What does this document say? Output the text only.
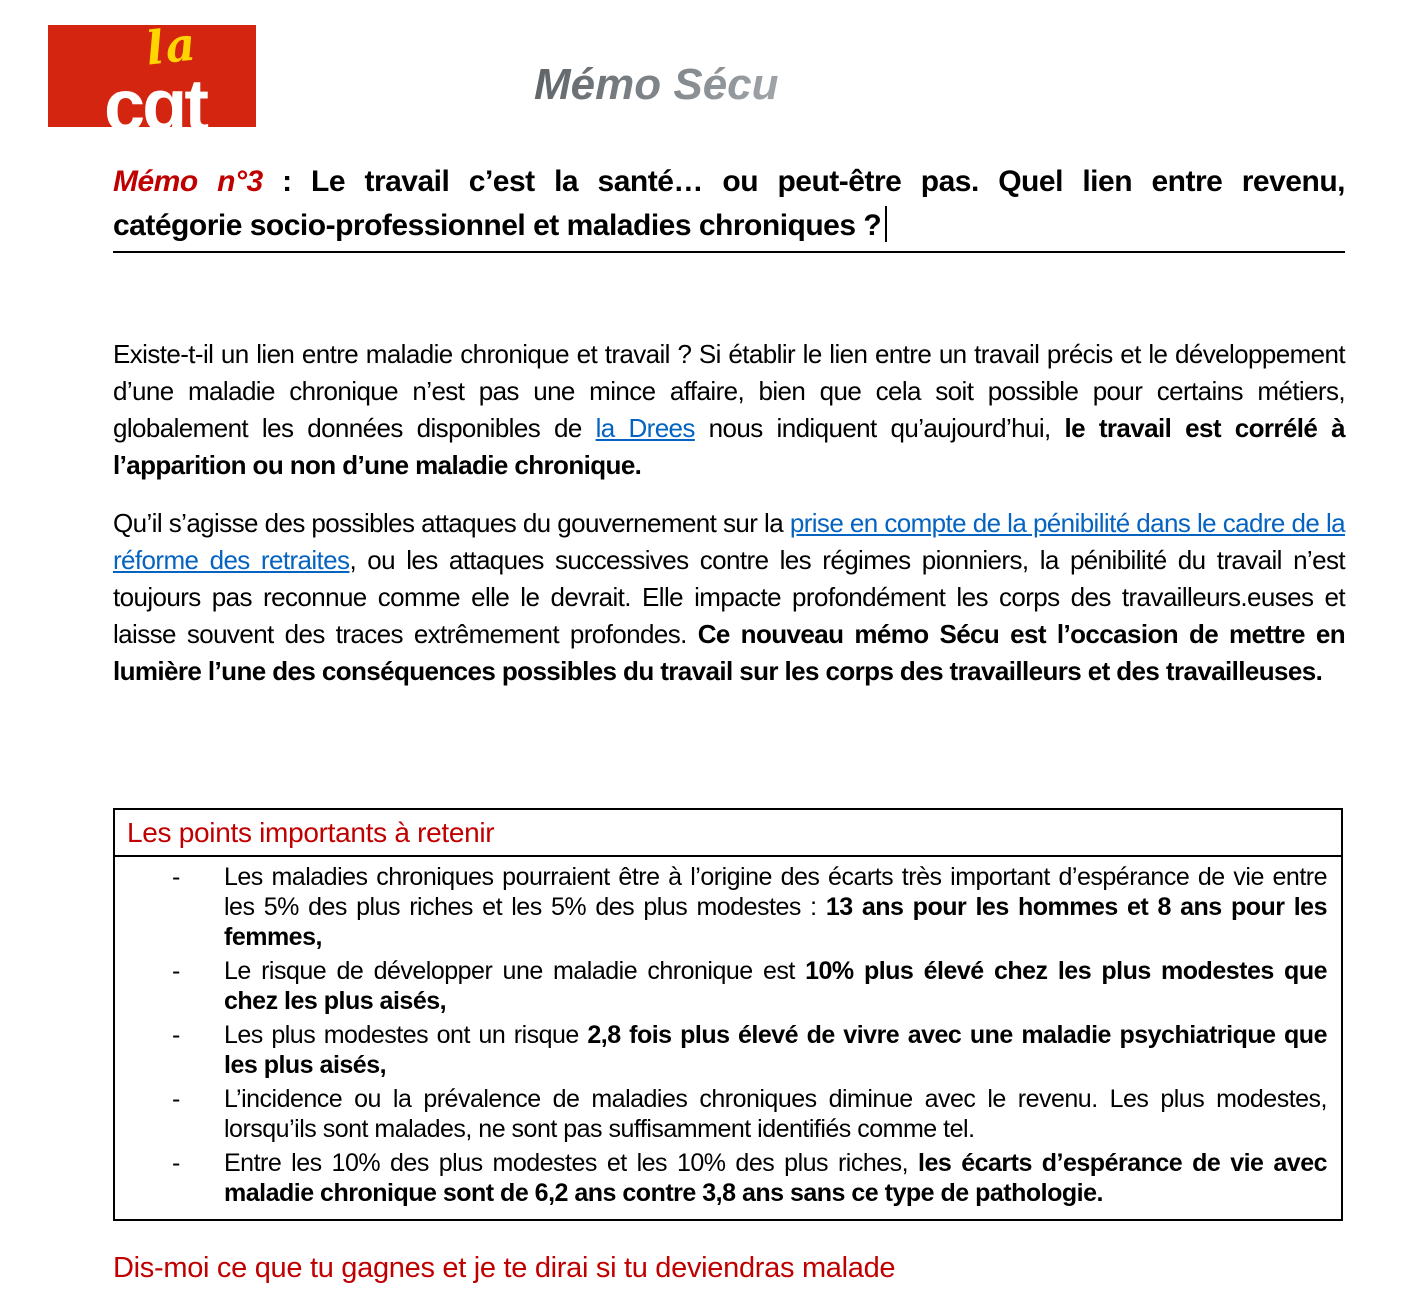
la
cgt	Mémo Sécu
Mémo n°3 : Le travail c’est la santé… ou peut-être pas. Quel lien entre revenu,
catégorie socio-professionnel et maladies chroniques ?

Existe-t-il un lien entre maladie chronique et travail ? Si établir le lien entre un travail précis et le développement d’une maladie chronique n’est pas une mince affaire, bien que cela soit possible pour certains métiers, globalement les données disponibles de la Drees nous indiquent qu’aujourd’hui, le travail est corrélé à l’apparition ou non d’une maladie chronique.

Qu’il s’agisse des possibles attaques du gouvernement sur la prise en compte de la pénibilité dans le cadre de la réforme des retraites, ou les attaques successives contre les régimes pionniers, la pénibilité du travail n’est toujours pas reconnue comme elle le devrait. Elle impacte profondément les corps des travailleurs.euses et laisse souvent des traces extrêmement profondes. Ce nouveau mémo Sécu est l’occasion de mettre en lumière l’une des conséquences possibles du travail sur les corps des travailleurs et des travailleuses.

Les points importants à retenir
- Les maladies chroniques pourraient être à l’origine des écarts très important d’espérance de vie entre les 5% des plus riches et les 5% des plus modestes : 13 ans pour les hommes et 8 ans pour les femmes,
- Le risque de développer une maladie chronique est 10% plus élevé chez les plus modestes que chez les plus aisés,
- Les plus modestes ont un risque 2,8 fois plus élevé de vivre avec une maladie psychiatrique que les plus aisés,
- L’incidence ou la prévalence de maladies chroniques diminue avec le revenu. Les plus modestes, lorsqu’ils sont malades, ne sont pas suffisamment identifiés comme tel.
- Entre les 10% des plus modestes et les 10% des plus riches, les écarts d’espérance de vie avec maladie chronique sont de 6,2 ans contre 3,8 ans sans ce type de pathologie.
Dis-moi ce que tu gagnes et je te dirai si tu deviendras malade
